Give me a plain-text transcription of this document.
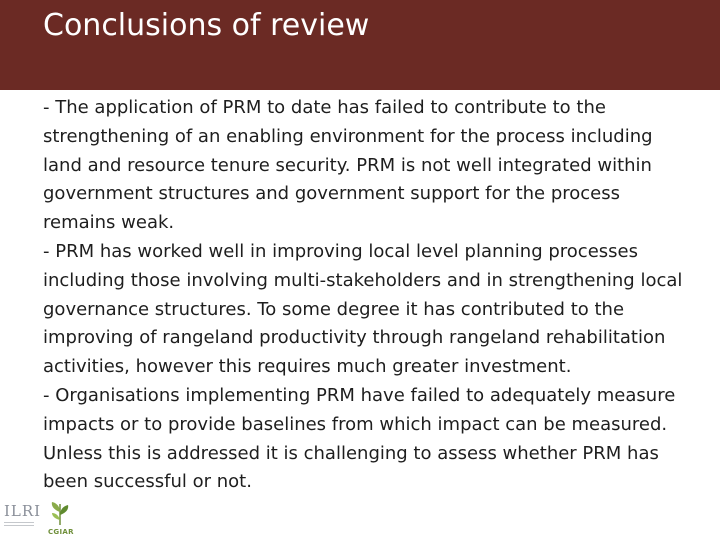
Conclusions of review

- The application of PRM to date has failed to contribute to the strengthening of an enabling environment for the process including land and resource tenure security. PRM is not well integrated within government structures and government support for the process remains weak.

- PRM has worked well in improving local level planning processes including those involving multi-stakeholders and in strengthening local governance structures. To some degree it has contributed to the improving of rangeland productivity through rangeland rehabilitation activities, however this requires much greater investment.

- Organisations implementing PRM have failed to adequately measure impacts or to provide baselines from which impact can be measured. Unless this is addressed it is challenging to assess whether PRM has been successful or not.

ILRI
CGIAR
